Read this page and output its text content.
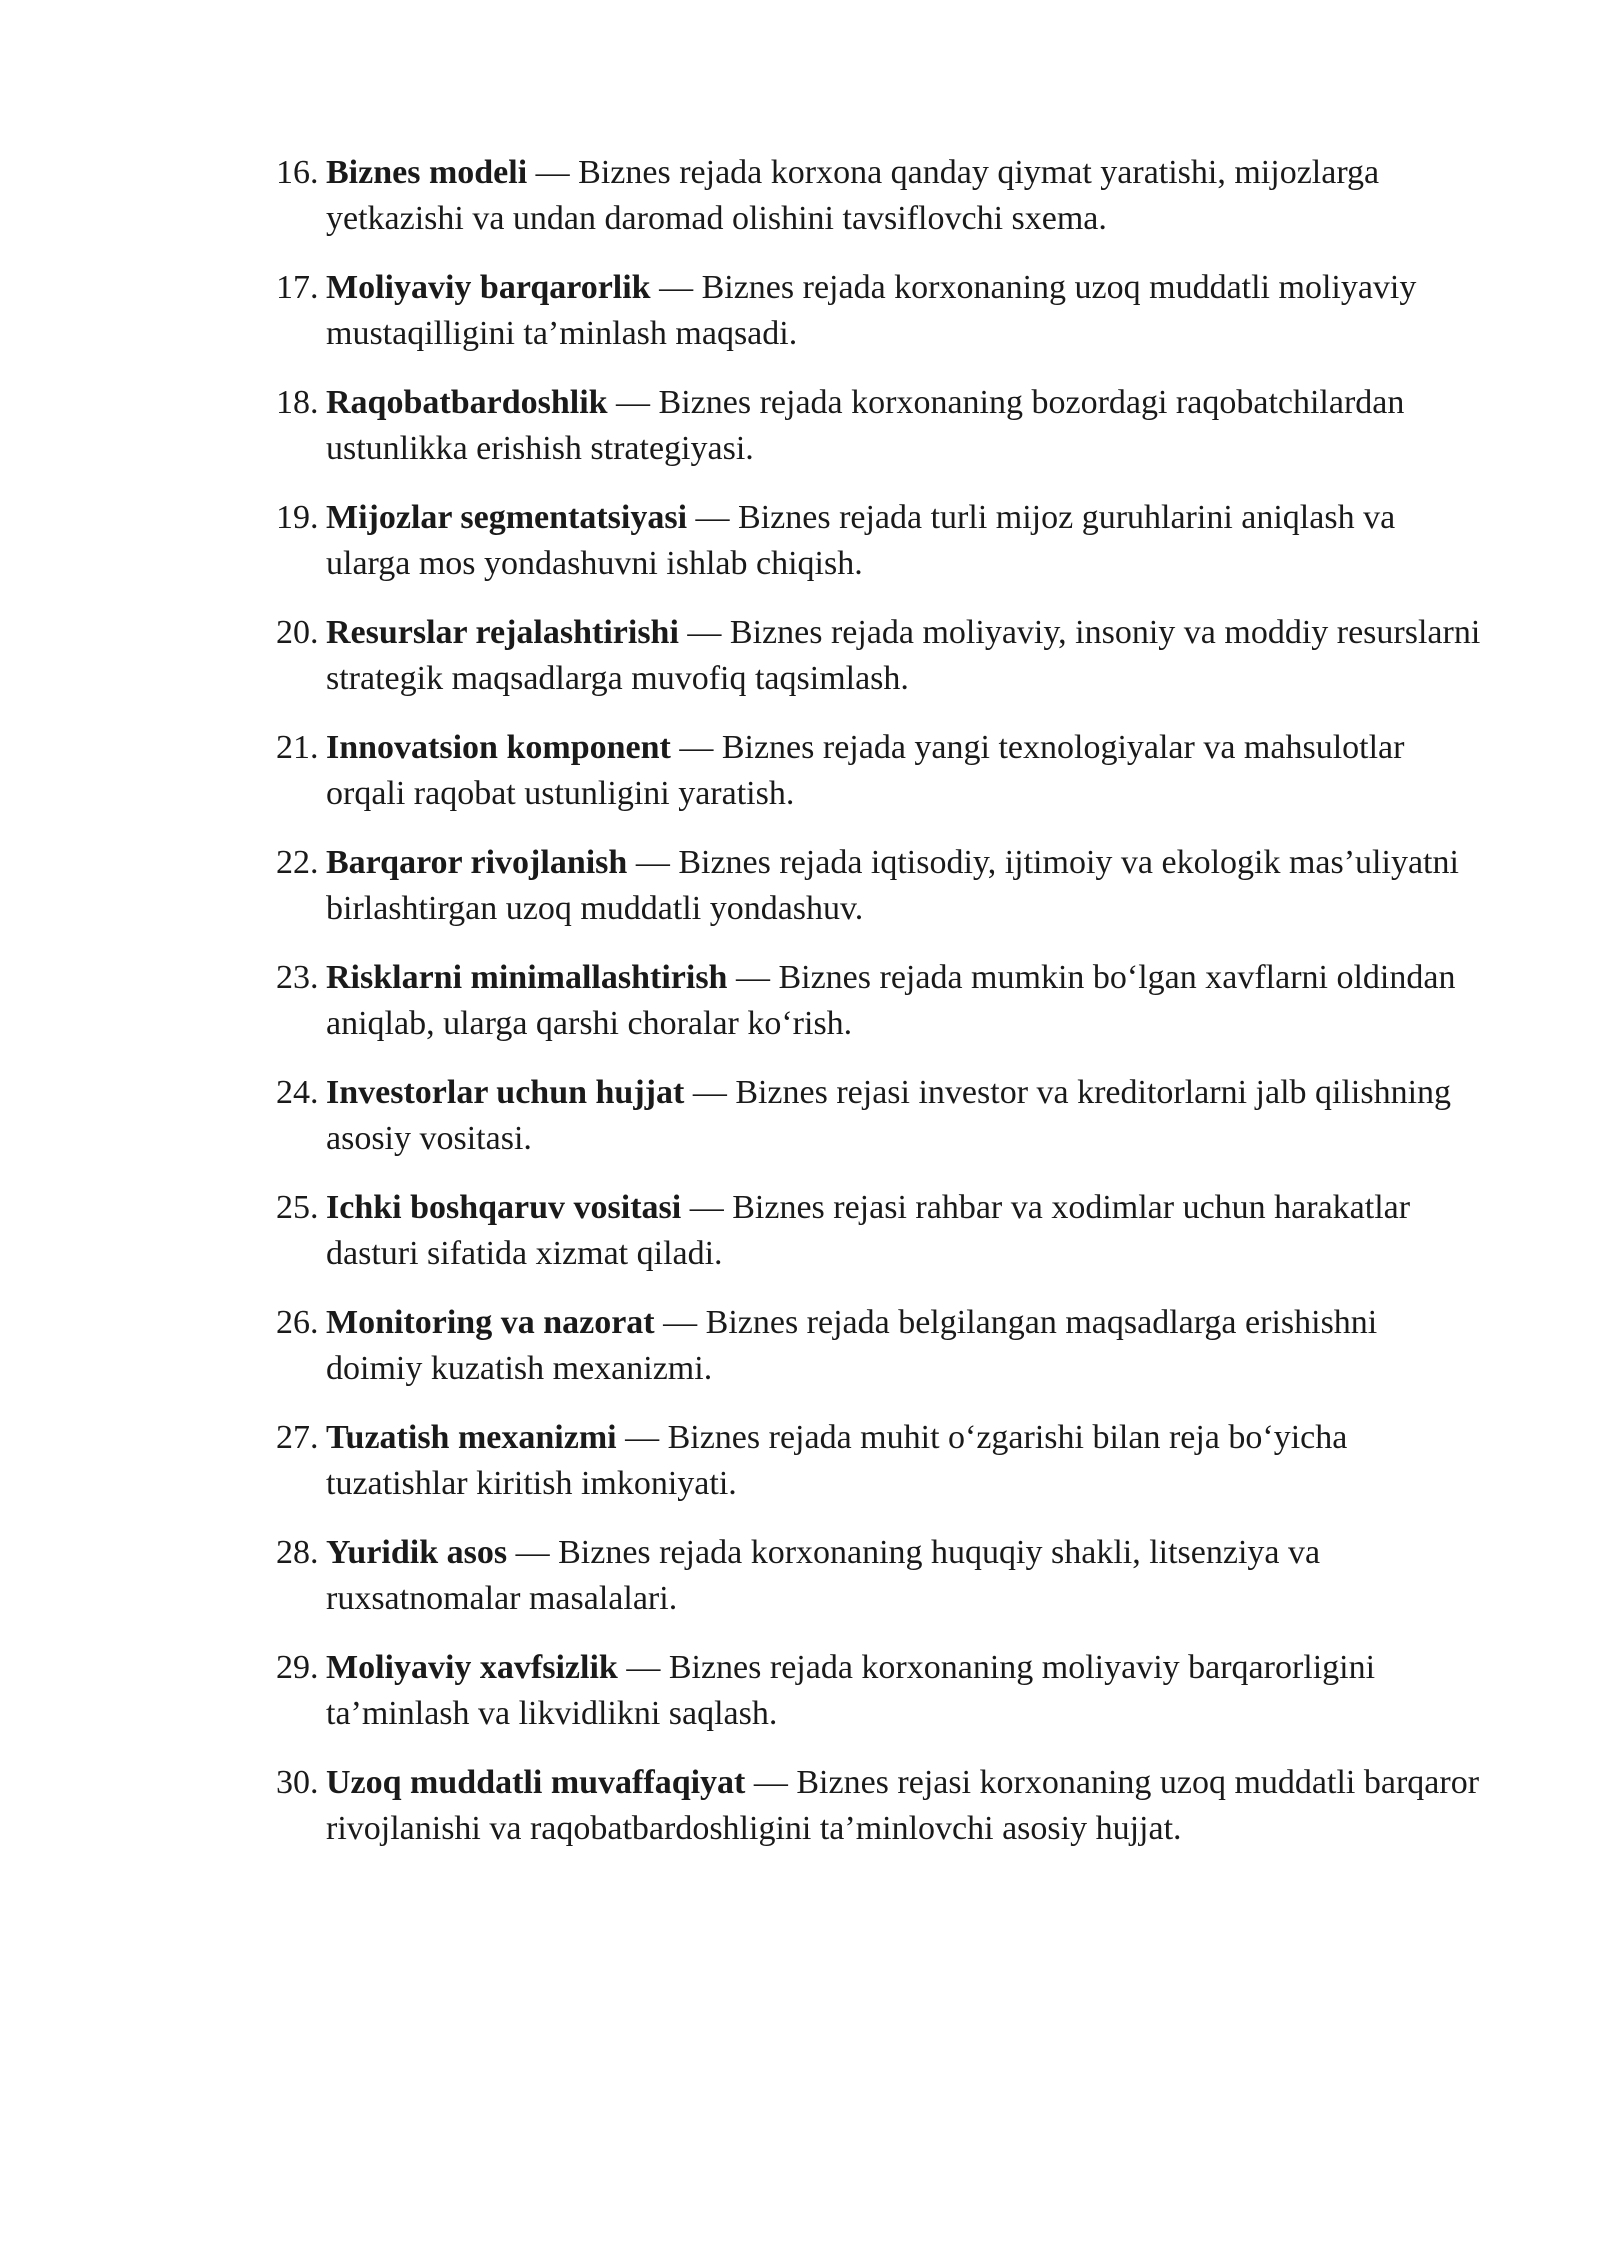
16. Biznes modeli — Biznes rejada korxona qanday qiymat yaratishi, mijozlarga yetkazishi va undan daromad olishini tavsiflovchi sxema.
17. Moliyaviy barqarorlik — Biznes rejada korxonaning uzoq muddatli moliyaviy mustaqilligini ta’minlash maqsadi.
18. Raqobatbardoshlik — Biznes rejada korxonaning bozordagi raqobatchilardan ustunlikka erishish strategiyasi.
19. Mijozlar segmentatsiyasi — Biznes rejada turli mijoz guruhlarini aniqlash va ularga mos yondashuvni ishlab chiqish.
20. Resurslar rejalashtirishi — Biznes rejada moliyaviy, insoniy va moddiy resurslarni strategik maqsadlarga muvofiq taqsimlash.
21. Innovatsion komponent — Biznes rejada yangi texnologiyalar va mahsulotlar orqali raqobat ustunligini yaratish.
22. Barqaror rivojlanish — Biznes rejada iqtisodiy, ijtimoiy va ekologik mas’uliyatni birlashtirgan uzoq muddatli yondashuv.
23. Risklarni minimallashtirish — Biznes rejada mumkin bo‘lgan xavflarni oldindan aniqlab, ularga qarshi choralar ko‘rish.
24. Investorlar uchun hujjat — Biznes rejasi investor va kreditorlarni jalb qilishning asosiy vositasi.
25. Ichki boshqaruv vositasi — Biznes rejasi rahbar va xodimlar uchun harakatlar dasturi sifatida xizmat qiladi.
26. Monitoring va nazorat — Biznes rejada belgilangan maqsadlarga erishishni doimiy kuzatish mexanizmi.
27. Tuzatish mexanizmi — Biznes rejada muhit o‘zgarishi bilan reja bo‘yicha tuzatishlar kiritish imkoniyati.
28. Yuridik asos — Biznes rejada korxonaning huquqiy shakli, litsenziya va ruxsatnomalar masalalari.
29. Moliyaviy xavfsizlik — Biznes rejada korxonaning moliyaviy barqarorligini ta’minlash va likvidlikni saqlash.
30. Uzoq muddatli muvaffaqiyat — Biznes rejasi korxonaning uzoq muddatli barqaror rivojlanishi va raqobatbardoshligini ta’minlovchi asosiy hujjat.
